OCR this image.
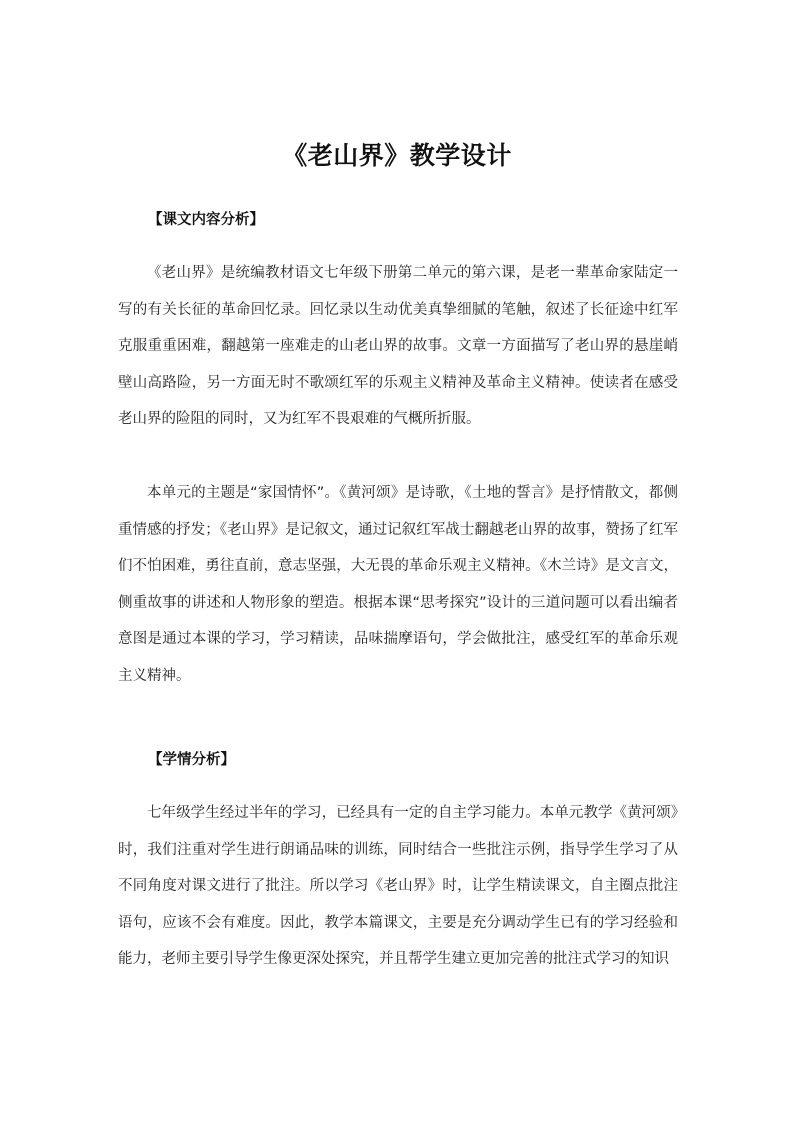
《老山界》教学设计
【课文内容分析】
《老山界》是统编教材语文七年级下册第二单元的第六课，是老一辈革命家陆定一写的有关长征的革命回忆录。回忆录以生动优美真挚细腻的笔触，叙述了长征途中红军克服重重困难，翻越第一座难走的山老山界的故事。文章一方面描写了老山界的悬崖峭壁山高路险，另一方面无时不歌颂红军的乐观主义精神及革命主义精神。使读者在感受老山界的险阻的同时，又为红军不畏艰难的气概所折服。
本单元的主题是“家国情怀”。《黄河颂》是诗歌，《土地的誓言》是抒情散文，都侧重情感的抒发；《老山界》是记叙文，通过记叙红军战士翻越老山界的故事，赞扬了红军们不怕困难，勇往直前，意志坚强，大无畏的革命乐观主义精神。《木兰诗》是文言文，侧重故事的讲述和人物形象的塑造。根据本课“思考探究”设计的三道问题可以看出编者意图是通过本课的学习，学习精读，品味揣摩语句，学会做批注，感受红军的革命乐观主义精神。
【学情分析】
七年级学生经过半年的学习，已经具有一定的自主学习能力。本单元教学《黄河颂》时，我们注重对学生进行朗诵品味的训练，同时结合一些批注示例，指导学生学习了从不同角度对课文进行了批注。所以学习《老山界》时，让学生精读课文，自主圈点批注语句，应该不会有难度。因此，教学本篇课文，主要是充分调动学生已有的学习经验和能力，老师主要引导学生像更深处探究，并且帮学生建立更加完善的批注式学习的知识
